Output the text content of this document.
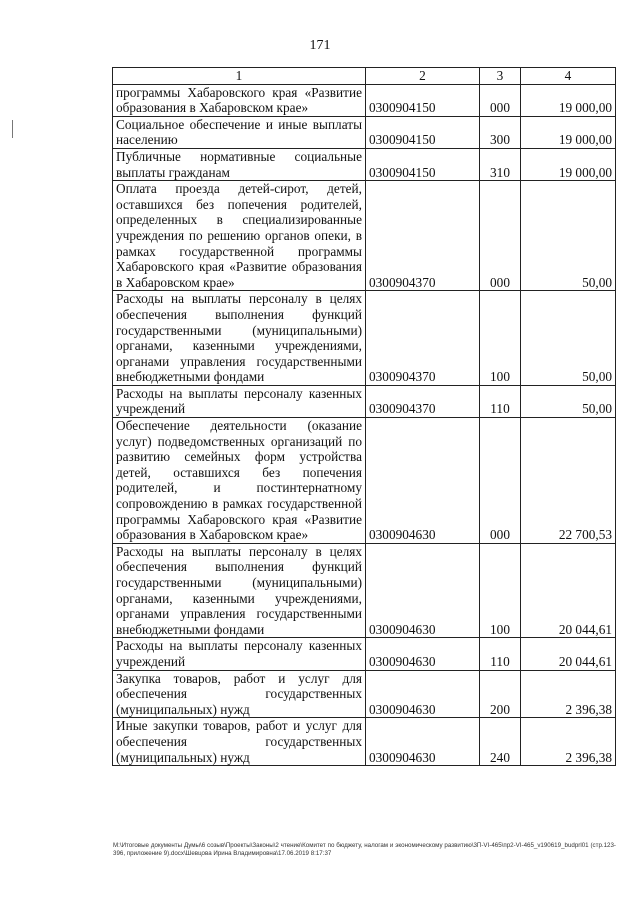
171
1	2	3	4
программы Хабаровского края «Развитие образования в Хабаровском крае»	0300904150	000	19 000,00
Социальное обеспечение и иные выплаты населению	0300904150	300	19 000,00
Публичные нормативные социальные выплаты гражданам	0300904150	310	19 000,00
Оплата проезда детей-сирот, детей, оставшихся без попечения родителей, определенных в специализированные учреждения по решению органов опеки, в рамках государственной программы Хабаровского края «Развитие образования в Хабаровском крае»	0300904370	000	50,00
Расходы на выплаты персоналу в целях обеспечения выполнения функций государственными (муниципальными) органами, казенными учреждениями, органами управления государственными внебюджетными фондами	0300904370	100	50,00
Расходы на выплаты персоналу казенных учреждений	0300904370	110	50,00
Обеспечение деятельности (оказание услуг) подведомственных организаций по развитию семейных форм устройства детей, оставшихся без попечения родителей, и постинтернатному сопровождению в рамках государственной программы Хабаровского края «Развитие образования в Хабаровском крае»	0300904630	000	22 700,53
Расходы на выплаты персоналу в целях обеспечения выполнения функций государственными (муниципальными) органами, казенными учреждениями, органами управления государственными внебюджетными фондами	0300904630	100	20 044,61
Расходы на выплаты персоналу казенных учреждений	0300904630	110	20 044,61
Закупка товаров, работ и услуг для обеспечения государственных (муниципальных) нужд	0300904630	200	2 396,38
Иные закупки товаров, работ и услуг для обеспечения государственных (муниципальных) нужд	0300904630	240	2 396,38
М:\Итоговые документы Думы\6 созыв\Проекты\Законы\2 чтение\Комитет по бюджету, налогам и экономическому развитию\3П-VI-465\пр2-VI-465_v190619_budprl01 (стр.123-396, приложение 9).docx\Шевцова Ирина Владимировна\17.06.2019 8:17:37
